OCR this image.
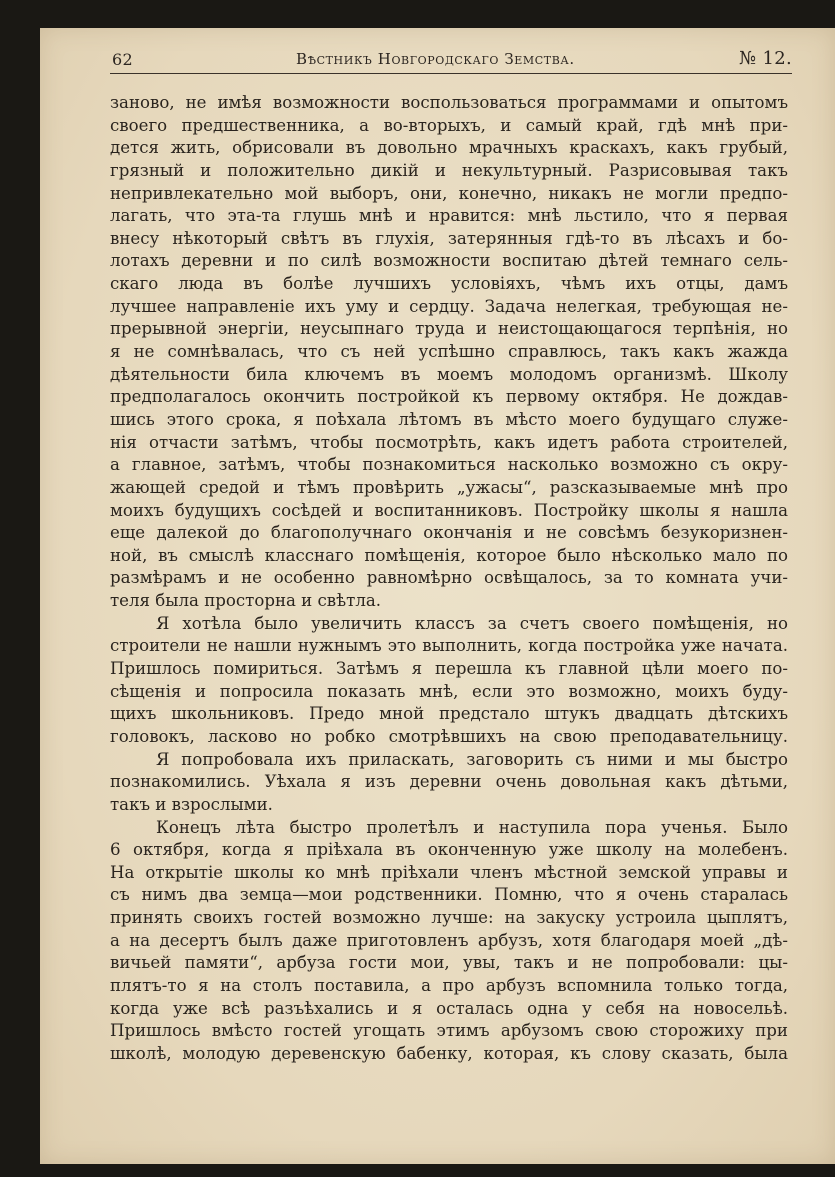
62	Вѣстникъ Новгородскаго Земства.	№ 12.
заново, не имѣя возможности воспользоваться программами и опытомъ
своего предшественника, а во-вторыхъ, и самый край, гдѣ мнѣ при-
дется жить, обрисовали въ довольно мрачныхъ краскахъ, какъ грубый,
грязный и положительно дикій и некультурный. Разрисовывая такъ
непривлекательно мой выборъ, они, конечно, никакъ не могли предпо-
лагать, что эта-та глушь мнѣ и нравится: мнѣ льстило, что я первая
внесу нѣкоторый свѣтъ въ глухія, затерянныя гдѣ-то въ лѣсахъ и бо-
лотахъ деревни и по силѣ возможности воспитаю дѣтей темнаго сель-
скаго люда въ болѣе лучшихъ условіяхъ, чѣмъ ихъ отцы, дамъ
лучшее направленіе ихъ уму и сердцу. Задача нелегкая, требующая не-
прерывной энергіи, неусыпнаго труда и неистощающагося терпѣнія, но
я не сомнѣвалась, что съ ней успѣшно справлюсь, такъ какъ жажда
дѣятельности била ключемъ въ моемъ молодомъ организмѣ. Школу
предполагалось окончить постройкой къ первому октября. Не дождав-
шись этого срока, я поѣхала лѣтомъ въ мѣсто моего будущаго служе-
нія отчасти затѣмъ, чтобы посмотрѣть, какъ идетъ работа строителей,
а главное, затѣмъ, чтобы познакомиться насколько возможно съ окру-
жающей средой и тѣмъ провѣрить „ужасы“, разсказываемые мнѣ про
моихъ будущихъ сосѣдей и воспитанниковъ. Постройку школы я нашла
еще далекой до благополучнаго окончанія и не совсѣмъ безукоризнен-
ной, въ смыслѣ класснаго помѣщенія, которое было нѣсколько мало по
размѣрамъ и не особенно равномѣрно освѣщалось, за то комната учи-
теля была просторна и свѣтла.
Я хотѣла было увеличить классъ за счетъ своего помѣщенія, но
строители не нашли нужнымъ это выполнить, когда постройка уже начата.
Пришлось помириться. Затѣмъ я перешла къ главной цѣли моего по-
сѣщенія и попросила показать мнѣ, если это возможно, моихъ буду-
щихъ школьниковъ. Предо мной предстало штукъ двадцать дѣтскихъ
головокъ, ласково но робко смотрѣвшихъ на свою преподавательницу.
Я попробовала ихъ приласкать, заговорить съ ними и мы быстро
познакомились. Уѣхала я изъ деревни очень довольная какъ дѣтьми,
такъ и взрослыми.
Конецъ лѣта быстро пролетѣлъ и наступила пора ученья. Было
6 октября, когда я пріѣхала въ оконченную уже школу на молебенъ.
На открытіе школы ко мнѣ пріѣхали членъ мѣстной земской управы и
съ нимъ два земца—мои родственники. Помню, что я очень старалась
принять своихъ гостей возможно лучше: на закуску устроила цыплятъ,
а на десертъ былъ даже приготовленъ арбузъ, хотя благодаря моей „дѣ-
вичьей памяти“, арбуза гости мои, увы, такъ и не попробовали: цы-
плятъ-то я на столъ поставила, а про арбузъ вспомнила только тогда,
когда уже всѣ разъѣхались и я осталась одна у себя на новосельѣ.
Пришлось вмѣсто гостей угощать этимъ арбузомъ свою сторожиху при
школѣ, молодую деревенскую бабенку, которая, къ слову сказать, была
